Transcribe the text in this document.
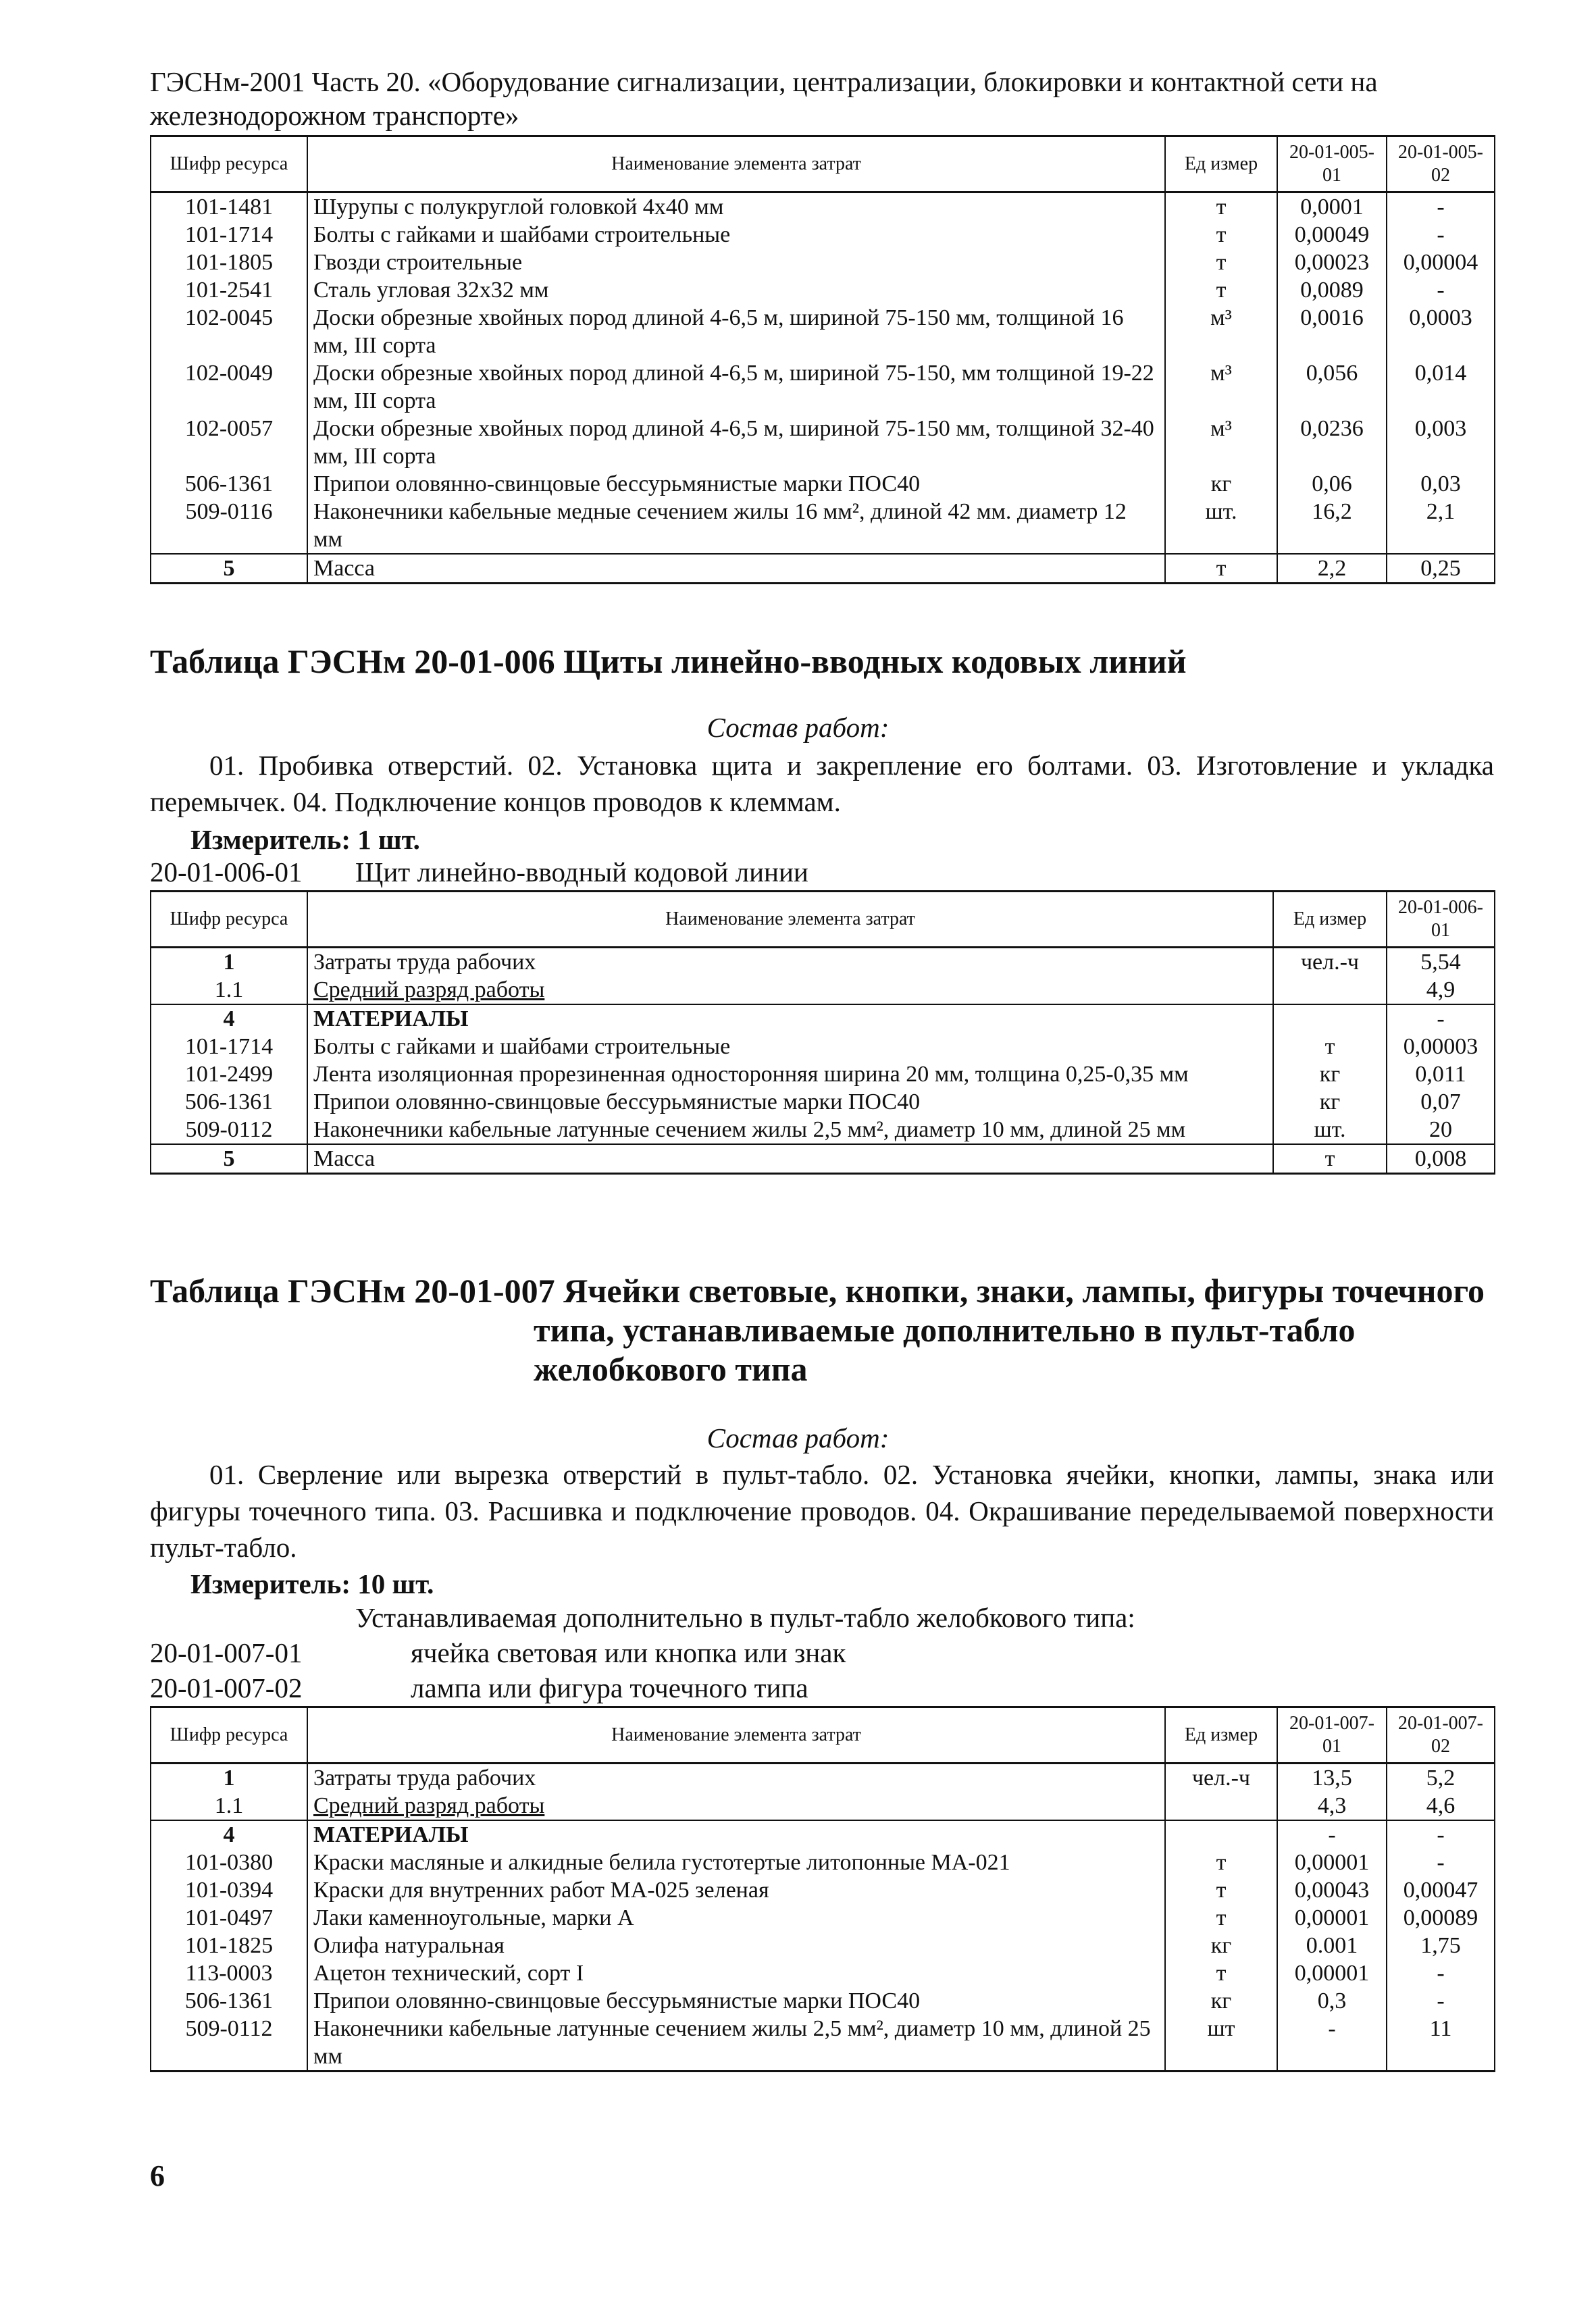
ГЭСНм-2001 Часть 20. «Оборудование сигнализации, централизации, блокировки и контактной сети на железнодорожном транспорте»
Шифр ресурса	Наименование элемента затрат	Ед измер	20-01-005-01	20-01-005-02
101-1481	Шурупы с полукруглой головкой 4x40 мм	т	0,0001	-
101-1714	Болты с гайками и шайбами строительные	т	0,00049	-
101-1805	Гвозди строительные	т	0,00023	0,00004
101-2541	Сталь угловая 32x32 мм	т	0,0089	-
102-0045	Доски обрезные хвойных пород длиной 4-6,5 м, шириной 75-150 мм, толщиной 16 мм, III сорта	м³	0,0016	0,0003
102-0049	Доски обрезные хвойных пород длиной 4-6,5 м, шириной 75-150, мм толщиной 19-22 мм, III сорта	м³	0,056	0,014
102-0057	Доски обрезные хвойных пород длиной 4-6,5 м, шириной 75-150 мм, толщиной 32-40 мм, III сорта	м³	0,0236	0,003
506-1361	Припои оловянно-свинцовые бессурьмянистые марки ПОС40	кг	0,06	0,03
509-0116	Наконечники кабельные медные сечением жилы 16 мм², длиной 42 мм. диаметр 12 мм	шт.	16,2	2,1
5	Масса	т	2,2	0,25
Таблица ГЭСНм 20-01-006 Щиты линейно-вводных кодовых линий
Состав работ:
01. Пробивка отверстий. 02. Установка щита и закрепление его болтами. 03. Изготовление и укладка перемычек. 04. Подключение концов проводов к клеммам.
Измеритель: 1 шт.
20-01-006-01 Щит линейно-вводный кодовой линии
Шифр ресурса	Наименование элемента затрат	Ед измер	20-01-006-01
1	Затраты труда рабочих	чел.-ч	5,54
1.1	Средний разряд работы		4,9
4	МАТЕРИАЛЫ		-
101-1714	Болты с гайками и шайбами строительные	т	0,00003
101-2499	Лента изоляционная прорезиненная односторонняя ширина 20 мм, толщина 0,25-0,35 мм	кг	0,011
506-1361	Припои оловянно-свинцовые бессурьмянистые марки ПОС40	кг	0,07
509-0112	Наконечники кабельные латунные сечением жилы 2,5 мм², диаметр 10 мм, длиной 25 мм	шт.	20
5	Масса	т	0,008
Таблица ГЭСНм 20-01-007 Ячейки световые, кнопки, знаки, лампы, фигуры точечного
типа, устанавливаемые дополнительно в пульт-табло желобкового типа
Состав работ:
01. Сверление или вырезка отверстий в пульт-табло. 02. Установка ячейки, кнопки, лампы, знака или фигуры точечного типа. 03. Расшивка и подключение проводов. 04. Окрашивание переделываемой поверхности пульт-табло.
Измеритель: 10 шт.
Устанавливаемая дополнительно в пульт-табло желобкового типа:
20-01-007-01	ячейка световая или кнопка или знак
20-01-007-02	лампа или фигура точечного типа
Шифр ресурса	Наименование элемента затрат	Ед измер	20-01-007-01	20-01-007-02
1	Затраты труда рабочих	чел.-ч	13,5	5,2
1.1	Средний разряд работы		4,3	4,6
4	МАТЕРИАЛЫ		-	-
101-0380	Краски масляные и алкидные белила густотертые литопонные МА-021	т	0,00001	-
101-0394	Краски для внутренних работ МА-025 зеленая	т	0,00043	0,00047
101-0497	Лаки каменноугольные, марки А	т	0,00001	0,00089
101-1825	Олифа натуральная	кг	0.001	1,75
113-0003	Ацетон технический, сорт I	т	0,00001	-
506-1361	Припои оловянно-свинцовые бессурьмянистые марки ПОС40	кг	0,3	-
509-0112	Наконечники кабельные латунные сечением жилы 2,5 мм², диаметр 10 мм, длиной 25 мм	шт	-	11
6
